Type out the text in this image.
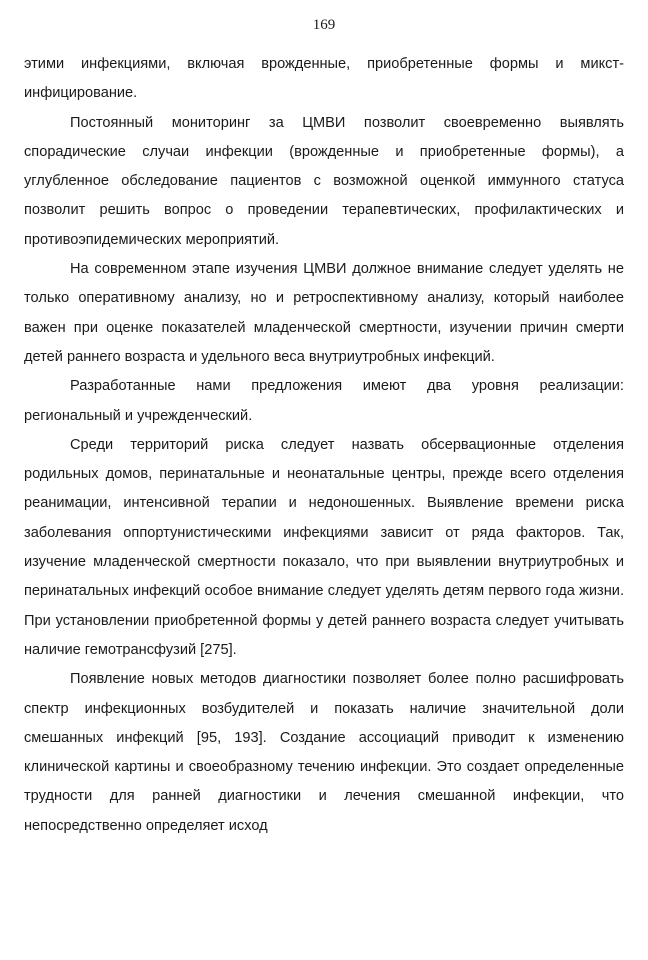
169

этими инфекциями, включая врожденные, приобретенные формы и микст-инфицирование.

Постоянный мониторинг за ЦМВИ позволит своевременно выявлять спорадические случаи инфекции (врожденные и приобретенные формы), а углубленное обследование пациентов с возможной оценкой иммунного статуса позволит решить вопрос о проведении терапевтических, профилактических и противоэпидемических мероприятий.

На современном этапе изучения ЦМВИ должное внимание следует уделять не только оперативному анализу, но и ретроспективному анализу, который наиболее важен при оценке показателей младенческой смертности, изучении причин смерти детей раннего возраста и удельного веса внутриутробных инфекций.

Разработанные нами предложения имеют два уровня реализации: региональный и учрежденческий.

Среди территорий риска следует назвать обсервационные отделения родильных домов, перинатальные и неонатальные центры, прежде всего отделения реанимации, интенсивной терапии и недоношенных. Выявление времени риска заболевания оппортунистическими инфекциями зависит от ряда факторов. Так, изучение младенческой смертности показало, что при выявлении внутриутробных и перинатальных инфекций особое внимание следует уделять детям первого года жизни. При установлении приобретенной формы у детей раннего возраста следует учитывать наличие гемотрансфузий [275].

Появление новых методов диагностики позволяет более полно расшифровать спектр инфекционных возбудителей и показать наличие значительной доли смешанных инфекций [95, 193]. Создание ассоциаций приводит к изменению клинической картины и своеобразному течению инфекции. Это создает определенные трудности для ранней диагностики и лечения смешанной инфекции, что непосредственно определяет исход
